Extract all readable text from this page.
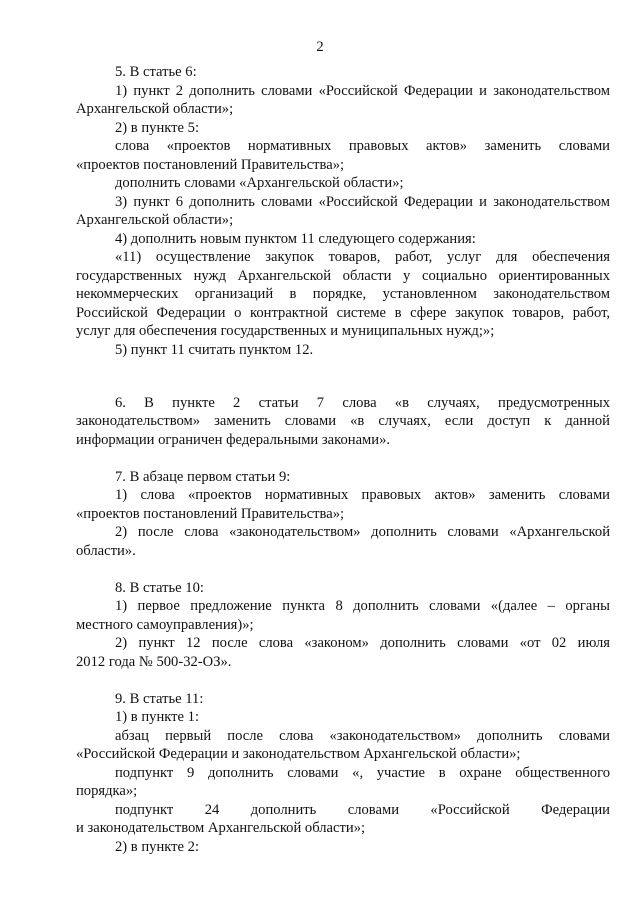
2
5. В статье 6:
1) пункт 2 дополнить словами «Российской Федерации и законодательством
Архангельской области»;
2) в пункте 5:
слова «проектов нормативных правовых актов» заменить словами
«проектов постановлений Правительства»;
дополнить словами «Архангельской области»;
3) пункт 6 дополнить словами «Российской Федерации и законодательством
Архангельской области»;
4) дополнить новым пунктом 11 следующего содержания:
«11) осуществление закупок товаров, работ, услуг для обеспечения
государственных нужд Архангельской области у социально ориентированных
некоммерческих организаций в порядке, установленном законодательством
Российской Федерации о контрактной системе в сфере закупок товаров, работ,
услуг для обеспечения государственных и муниципальных нужд;»;
5) пункт 11 считать пунктом 12.
6. В пункте 2 статьи 7 слова «в случаях, предусмотренных
законодательством» заменить словами «в случаях, если доступ к данной
информации ограничен федеральными законами».
7. В абзаце первом статьи 9:
1) слова «проектов нормативных правовых актов» заменить словами
«проектов постановлений Правительства»;
2) после слова «законодательством» дополнить словами «Архангельской
области».
8. В статье 10:
1) первое предложение пункта 8 дополнить словами «(далее – органы
местного самоуправления)»;
2) пункт 12 после слова «законом» дополнить словами «от 02 июля
2012 года № 500-32-ОЗ».
9. В статье 11:
1) в пункте 1:
абзац первый после слова «законодательством» дополнить словами
«Российской Федерации и законодательством Архангельской области»;
подпункт 9 дополнить словами «, участие в охране общественного
порядка»;
подпункт 24 дополнить словами «Российской Федерации
и законодательством Архангельской области»;
2) в пункте 2:
